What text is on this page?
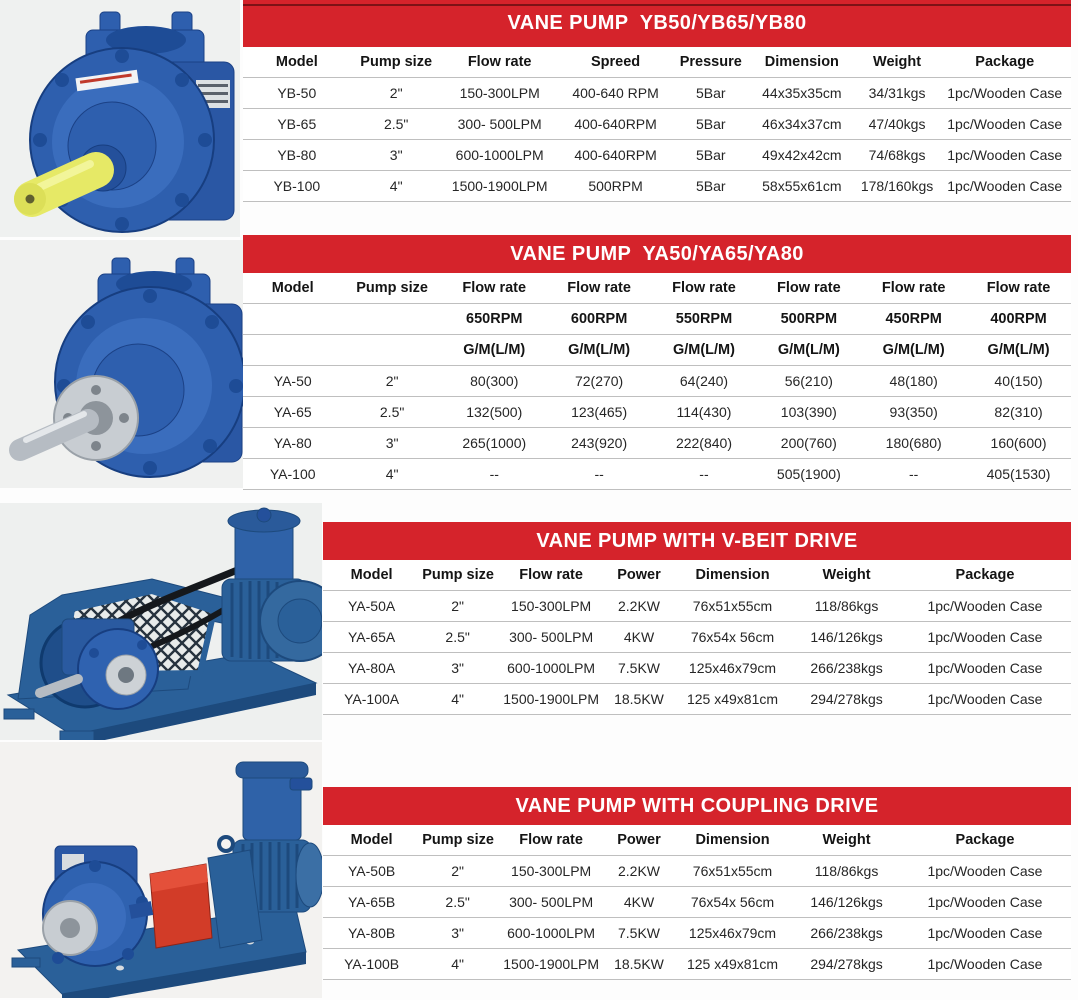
VANE PUMP  YB50/YB65/YB80
Model	Pump size	Flow rate	Spreed	Pressure	Dimension	Weight	Package
YB-50	2"	150-300LPM	400-640 RPM	5Bar	44x35x35cm	34/31kgs	1pc/Wooden Case
YB-65	2.5"	300- 500LPM	400-640RPM	5Bar	46x34x37cm	47/40kgs	1pc/Wooden Case
YB-80	3"	600-1000LPM	400-640RPM	5Bar	49x42x42cm	74/68kgs	1pc/Wooden Case
YB-100	4"	1500-1900LPM	500RPM	5Bar	58x55x61cm	178/160kgs	1pc/Wooden Case
VANE PUMP  YA50/YA65/YA80
Model	Pump size	Flow rate	Flow rate	Flow rate	Flow rate	Flow rate	Flow rate
		650RPM	600RPM	550RPM	500RPM	450RPM	400RPM
		G/M(L/M)	G/M(L/M)	G/M(L/M)	G/M(L/M)	G/M(L/M)	G/M(L/M)
YA-50	2"	80(300)	72(270)	64(240)	56(210)	48(180)	40(150)
YA-65	2.5"	132(500)	123(465)	114(430)	103(390)	93(350)	82(310)
YA-80	3"	265(1000)	243(920)	222(840)	200(760)	180(680)	160(600)
YA-100	4"	--	--	--	505(1900)	--	405(1530)
VANE PUMP WITH V-BEIT DRIVE
Model	Pump size	Flow rate	Power	Dimension	Weight	Package
YA-50A	2"	150-300LPM	2.2KW	76x51x55cm	118/86kgs	1pc/Wooden Case
YA-65A	2.5"	300- 500LPM	4KW	76x54x 56cm	146/126kgs	1pc/Wooden Case
YA-80A	3"	600-1000LPM	7.5KW	125x46x79cm	266/238kgs	1pc/Wooden Case
YA-100A	4"	1500-1900LPM	18.5KW	125 x49x81cm	294/278kgs	1pc/Wooden Case
VANE PUMP WITH COUPLING DRIVE
Model	Pump size	Flow rate	Power	Dimension	Weight	Package
YA-50B	2"	150-300LPM	2.2KW	76x51x55cm	118/86kgs	1pc/Wooden Case
YA-65B	2.5"	300- 500LPM	4KW	76x54x 56cm	146/126kgs	1pc/Wooden Case
YA-80B	3"	600-1000LPM	7.5KW	125x46x79cm	266/238kgs	1pc/Wooden Case
YA-100B	4"	1500-1900LPM	18.5KW	125 x49x81cm	294/278kgs	1pc/Wooden Case
